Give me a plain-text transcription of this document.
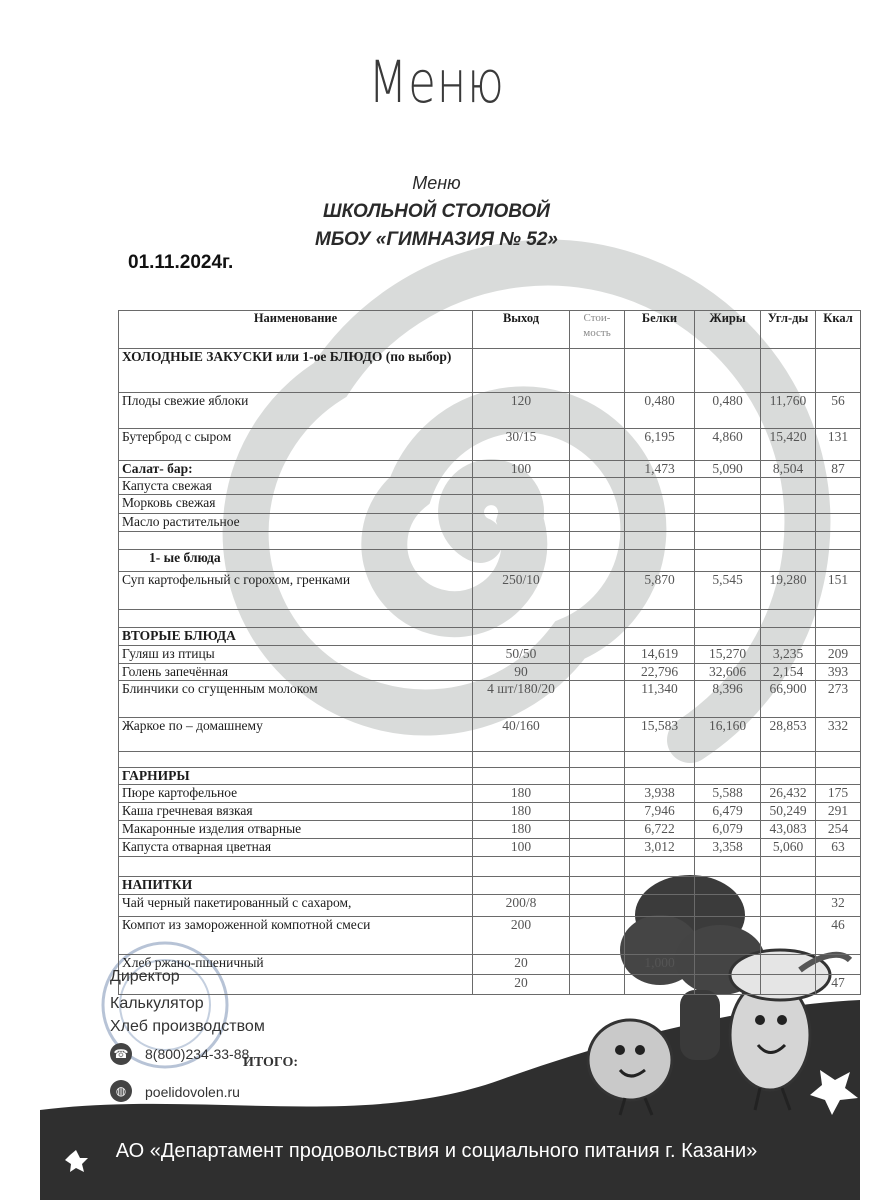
Меню
Меню
ШКОЛЬНОЙ СТОЛОВОЙ
МБОУ «ГИМНАЗИЯ № 52»
01.11.2024г.
Наименование	Выход	Стои-мость	Белки	Жиры	Угл-ды	Ккал
ХОЛОДНЫЕ ЗАКУСКИ или 1-ое БЛЮДО (по выбор)						
Плоды свежие яблоки	120		0,480	0,480	11,760	56
Бутерброд с сыром	30/15		6,195	4,860	15,420	131
Салат- бар:	100		1,473	5,090	8,504	87
Капуста свежая						
Морковь свежая						
Масло растительное						

1- ые блюда						
Суп картофельный с горохом, гренками	250/10		5,870	5,545	19,280	151

ВТОРЫЕ БЛЮДА						
Гуляш из птицы	50/50		14,619	15,270	3,235	209
Голень запечённая	90		22,796	32,606	2,154	393
Блинчики со сгущенным молоком	4 шт/180/20		11,340	8,396	66,900	273
Жаркое по – домашнему	40/160		15,583	16,160	28,853	332

ГАРНИРЫ						
Пюре картофельное	180		3,938	5,588	26,432	175
Каша гречневая вязкая	180		7,946	6,479	50,249	291
Макаронные изделия отварные	180		6,722	6,079	43,083	254
Капуста отварная цветная	100		3,012	3,358	5,060	63

НАПИТКИ						
Чай черный пакетированный с сахаром,	200/8					32
Компот из замороженной компотной смеси	200					46
Хлеб ржано-пшеничный	20		1,000			
	20					47
Директор
Калькулятор
Хлеб производством
ИТОГО:
☎ 8(800)234-33-88
◍	poelidovolen.ru
АО «Департамент продовольствия и социального питания г. Казани»
